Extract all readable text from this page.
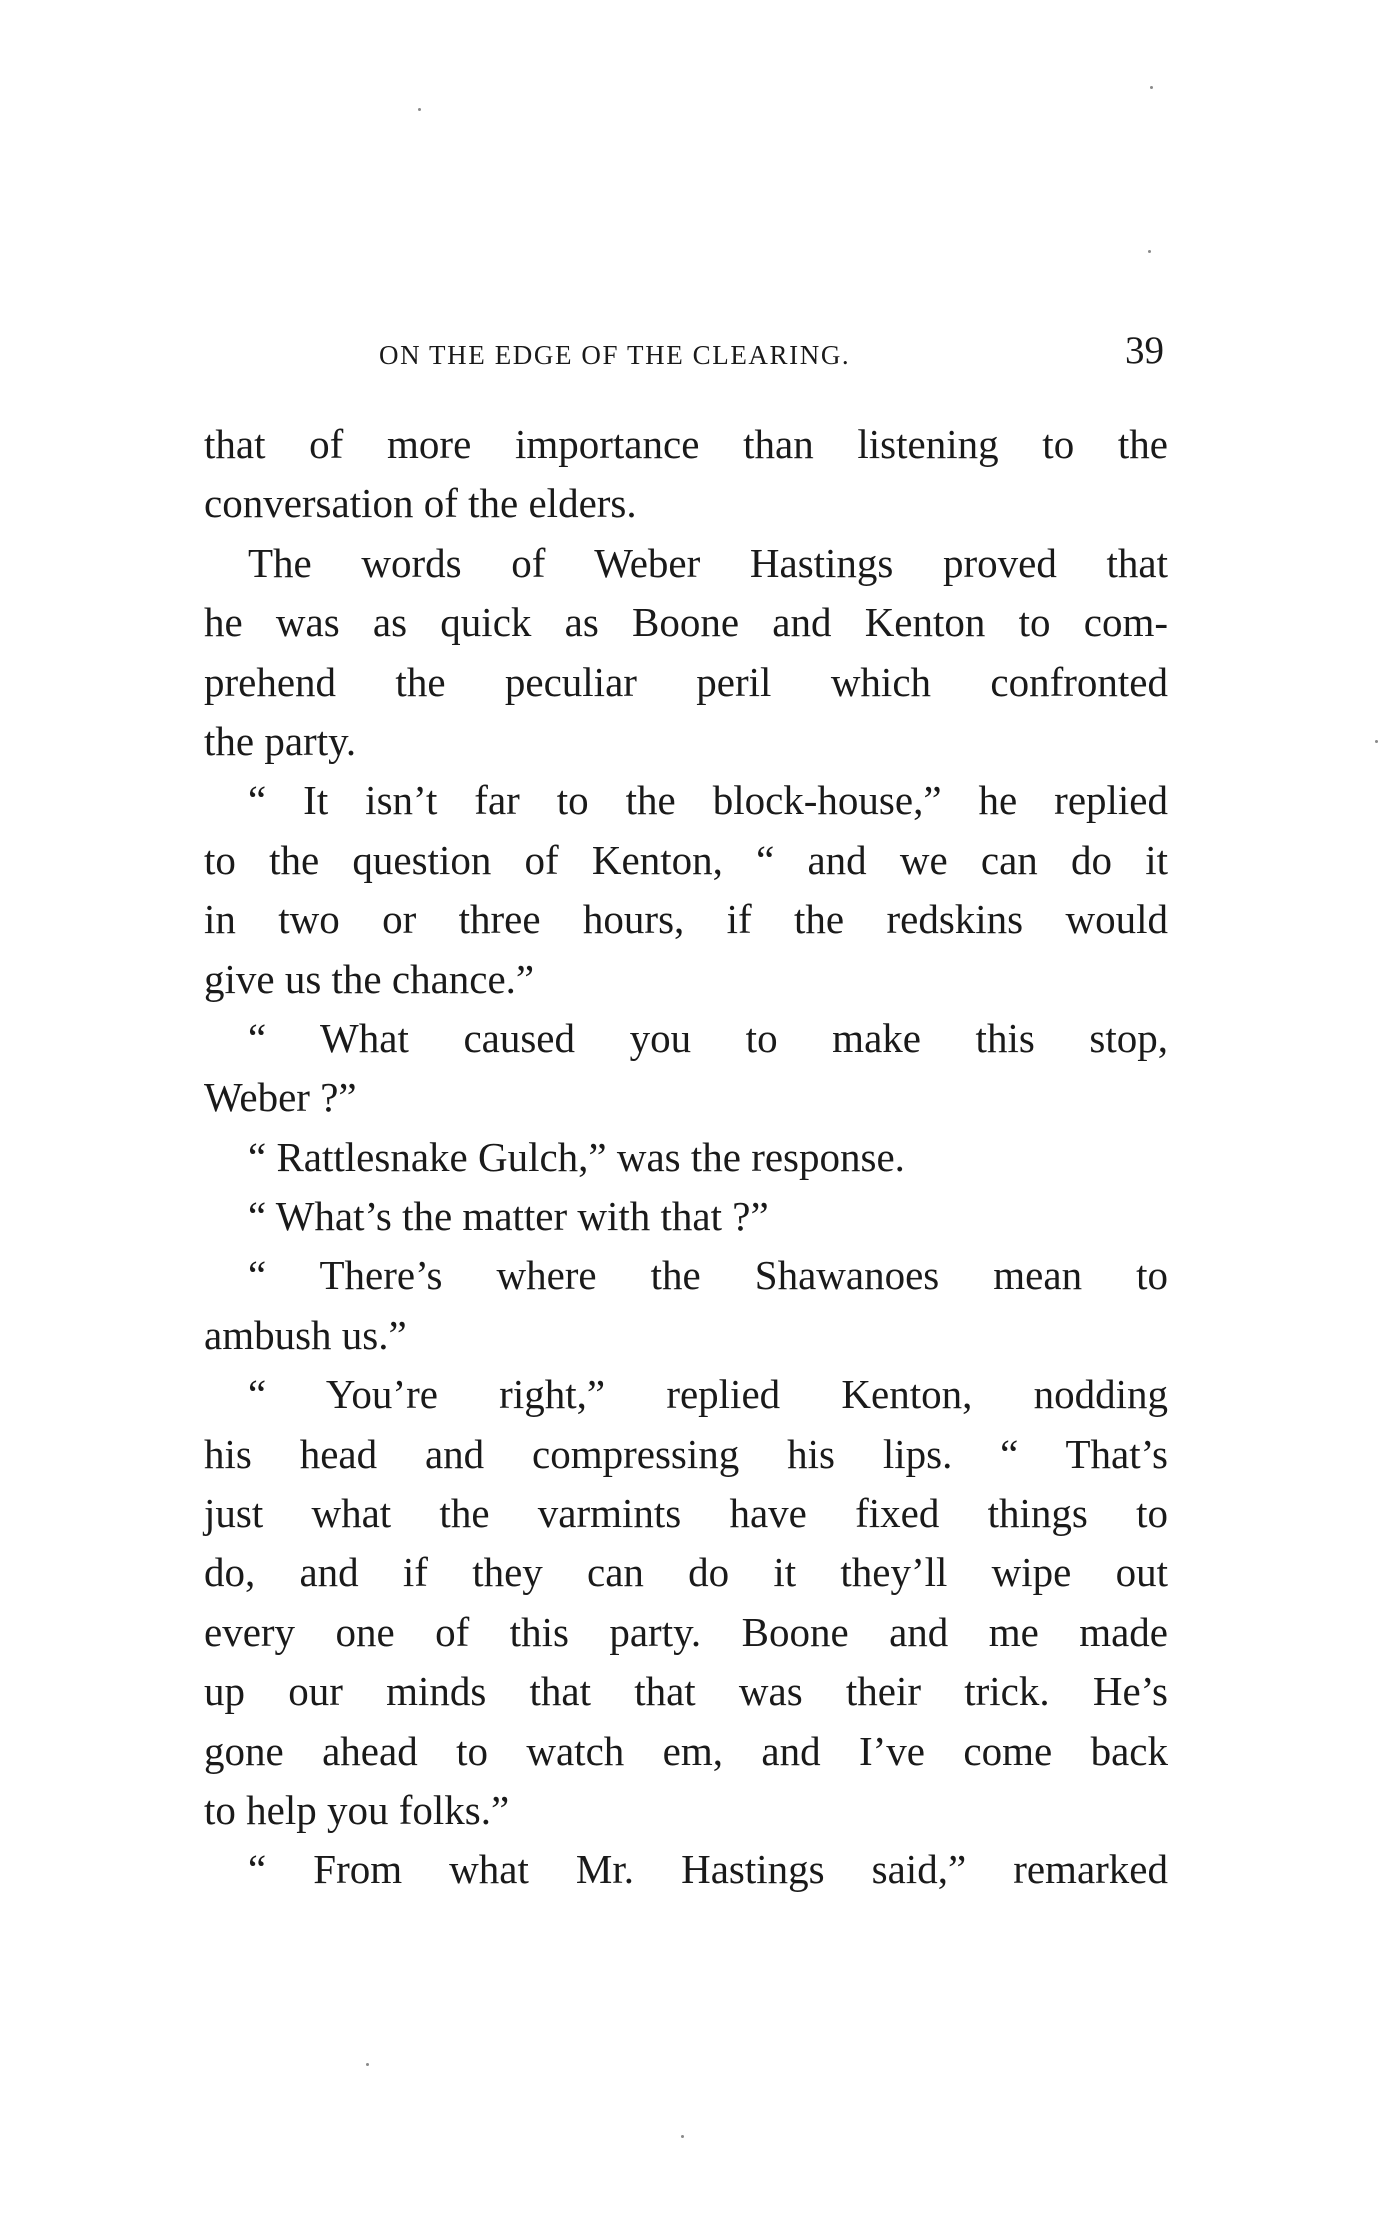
ON THE EDGE OF THE CLEARING.	39
that of more importance than listening to the
conversation of the elders.
The words of Weber Hastings proved that
he was as quick as Boone and Kenton to com-
prehend the peculiar peril which confronted
the party.
“ It isn’t far to the block-house,” he replied
to the question of Kenton, “ and we can do it
in two or three hours, if the redskins would
give us the chance.”
“ What caused you to make this stop,
Weber ?”
“ Rattlesnake Gulch,” was the response.
“ What’s the matter with that ?”
“ There’s where the Shawanoes mean to
ambush us.”
“ You’re right,” replied Kenton, nodding
his head and compressing his lips. “ That’s
just what the varmints have fixed things to
do, and if they can do it they’ll wipe out
every one of this party. Boone and me made
up our minds that that was their trick. He’s
gone ahead to watch em, and I’ve come back
to help you folks.”
“ From what Mr. Hastings said,” remarked
